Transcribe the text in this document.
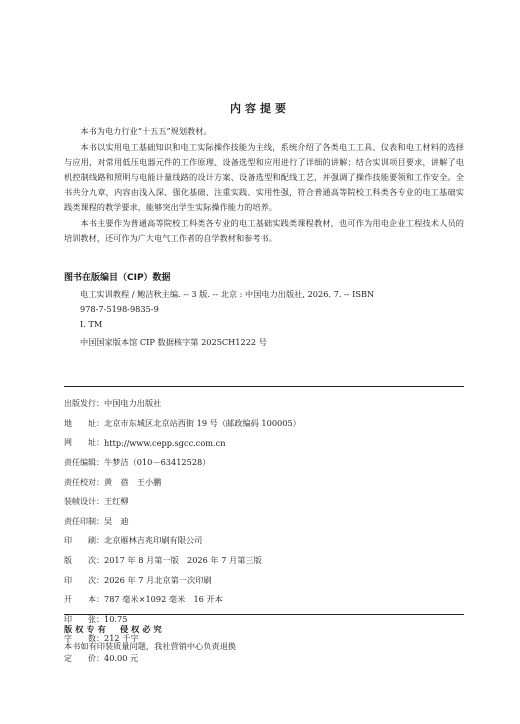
内容提要

本书为电力行业“十五五”规划教材。

本书以实用电工基础知识和电工实际操作技能为主线，系统介绍了各类电工工具、仪表和电工材料的选择与应用，对常用低压电器元件的工作原理、设备选型和应用进行了详细的讲解；结合实训项目要求，讲解了电机控制线路和照明与电能计量线路的设计方案、设备选型和配线工艺，并强调了操作技能要领和工作安全。全书共分九章，内容由浅入深、强化基础、注重实践、实用性强，符合普通高等院校工科类各专业的电工基础实践类课程的教学要求，能够突出学生实际操作能力的培养。

本书主要作为普通高等院校工科类各专业的电工基础实践类课程教材，也可作为用电企业工程技术人员的培训教材，还可作为广大电气工作者的自学教材和参考书。

图书在版编目（CIP）数据
电工实训教程 / 鲍洁秋主编. -- 3 版. -- 北京 : 中国电力出版社, 2026. 7. -- ISBN
978-7-5198-9835-9
Ⅰ. TM
中国国家版本馆 CIP 数据核字第 2025CH1222 号
出版发行： 中国电力出版社
地　　址： 北京市东城区北京站西街 19 号（邮政编码 100005）
网　　址： http://www.cepp.sgcc.com.cn
责任编辑： 牛梦洁（010－63412528）
责任校对： 黄　蓓　王小鹏
装帧设计： 王红柳
责任印制： 吴　迪
印　　刷： 北京雁林吉兆印刷有限公司
版　　次： 2017 年 8 月第一版　2026 年 7 月第三版
印　　次： 2026 年 7 月北京第一次印刷
开　　本： 787 毫米×1092 毫米　16 开本
印　　张： 10.75
字　　数： 212 千字
定　　价： 40.00 元
版权专有　侵权必究
本书如有印装质量问题，我社营销中心负责退换
